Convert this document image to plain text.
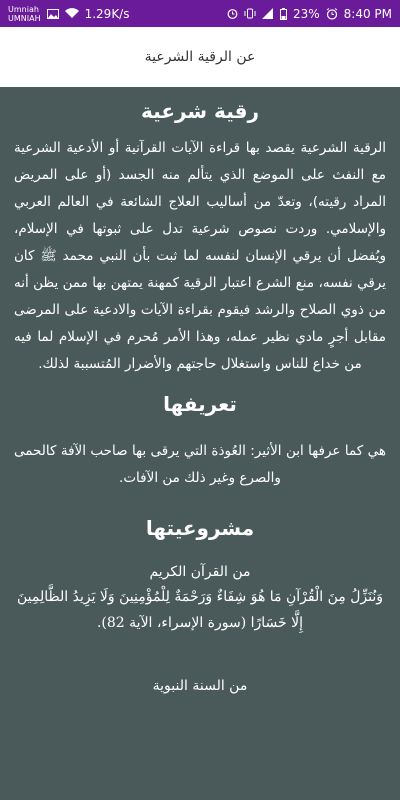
Umniah
UMNIAH	1.29K/s	23% 8:40 PM
عن الرقية الشرعية
رقية شرعية

الرقية الشرعية يقصد بها قراءة الآيات القرآنية أو الأدعية الشرعية مع النفث على الموضع الذي يتألم منه الجسد (أو على المريض المراد رقيته)، وتعدّ من أساليب العلاج الشائعة في العالم العربي والإسلامي. وردت نصوص شرعية تدل على ثبوتها في الإسلام، ويُفضل أن يرقي الإنسان لنفسه لما ثبت بأن النبي محمد ﷺ كان يرقي نفسه، منع الشرع اعتبار الرقية كمهنة يمتهن بها ممن يظن أنه من ذوي الصلاح والرشد فيقوم بقراءة الآيات والادعية على المرضى مقابل أجرٍ مادي نظير عمله، وهذا الأمر مُحرم في الإسلام لما فيه من خداع للناس واستغلال حاجتهم والأضرار المُتسببة لذلك.

تعريفها

هي كما عرفها ابن الأثير: العُوذة التي يرقى بها صاحب الآفة كالحمى والصرع وغير ذلك من الآفات.

مشروعيتها

من القرآن الكريم

وَنُنَزِّلُ مِنَ الْقُرْآنِ مَا هُوَ شِفَاءٌ وَرَحْمَةٌ لِلْمُؤْمِنِينَ وَلَا يَزِيدُ الظَّالِمِينَ إِلَّا خَسَارًا (سورة الإسراء، الآية 82).

من السنة النبوية
